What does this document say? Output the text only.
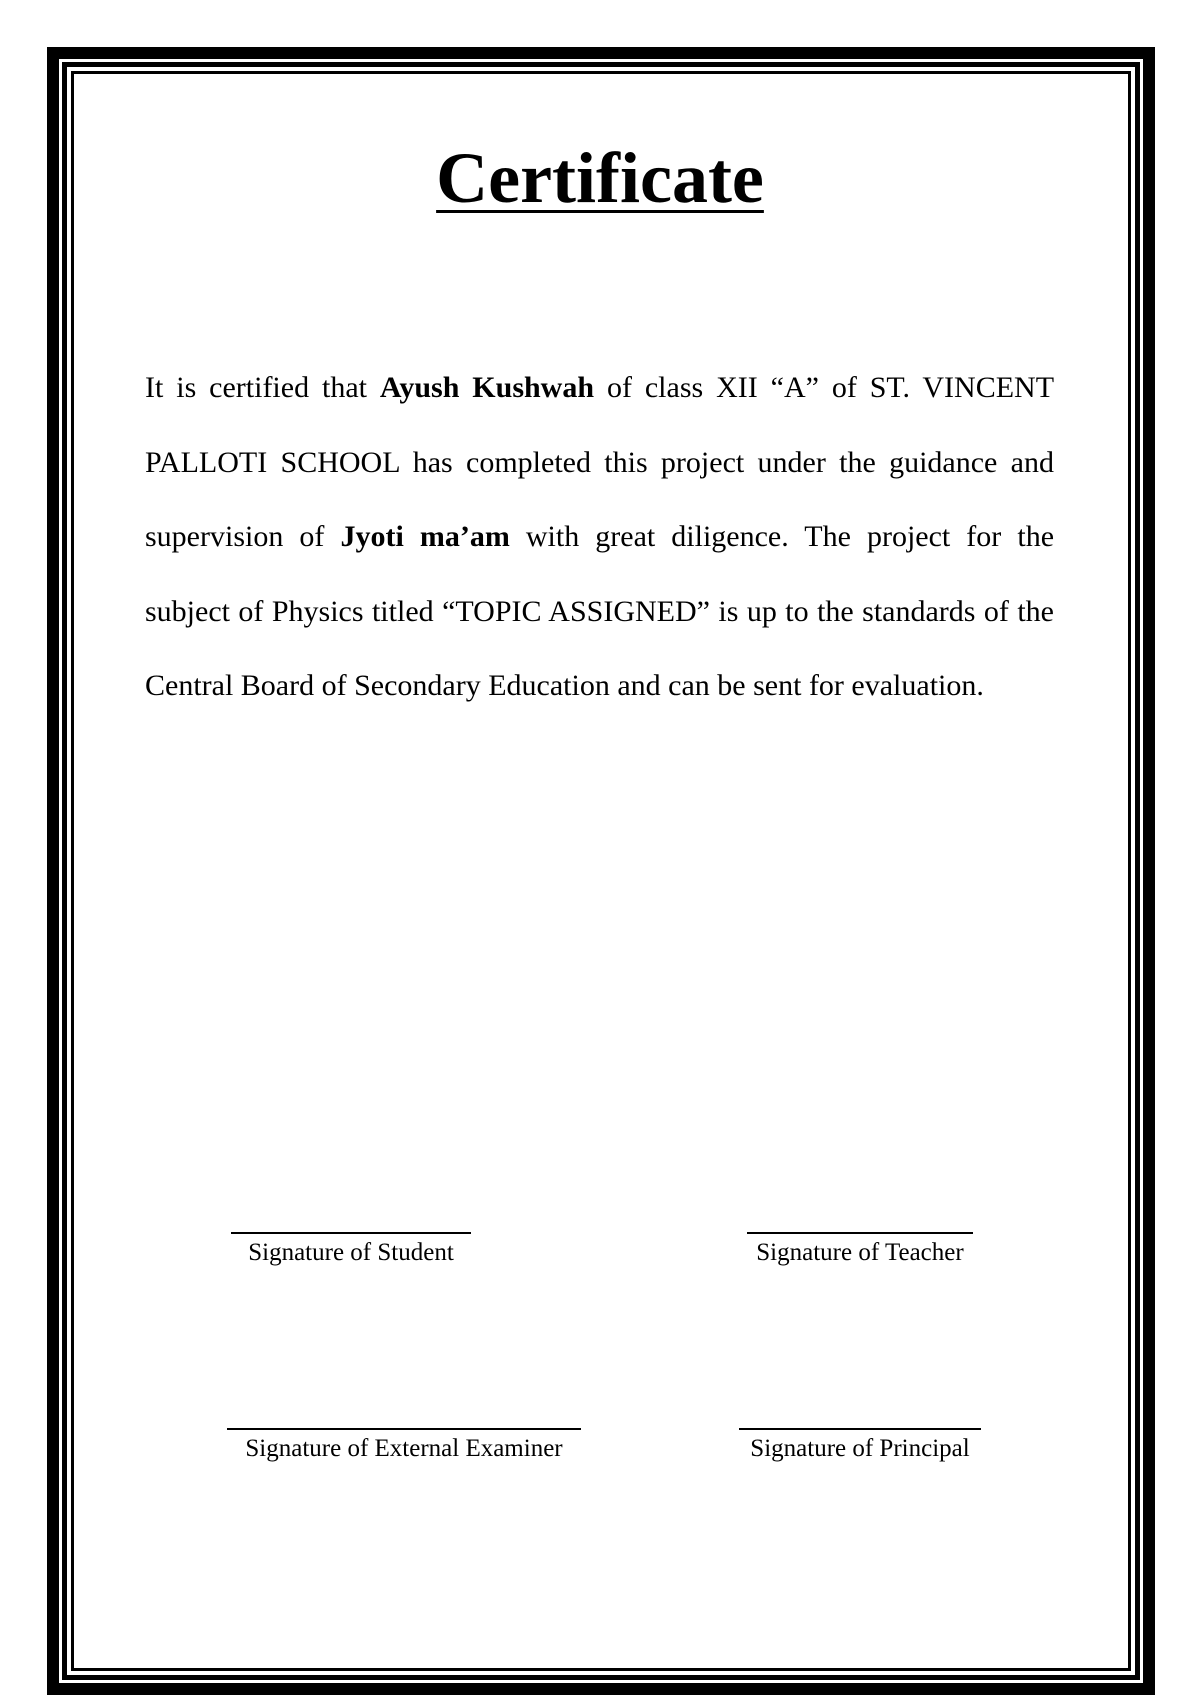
Certificate

It is certified that Ayush Kushwah of class XII “A” of ST. VINCENT PALLOTI SCHOOL has completed this project under the guidance and supervision of Jyoti ma’am with great diligence. The project for the subject of Physics titled “TOPIC ASSIGNED” is up to the standards of the Central Board of Secondary Education and can be sent for evaluation.

Signature of Student	Signature of Teacher
Signature of External Examiner	Signature of Principal
